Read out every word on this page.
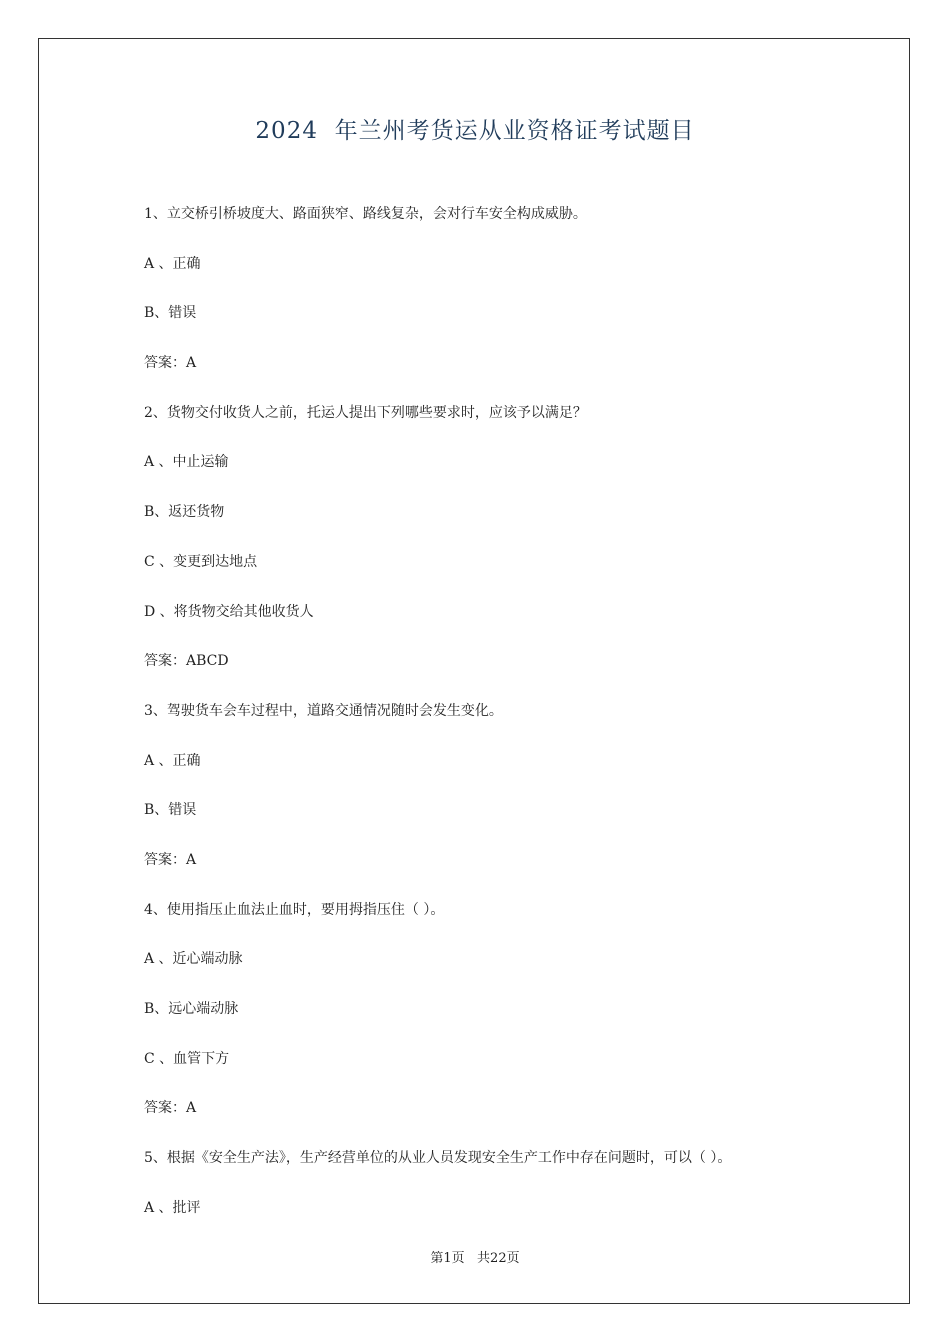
2024  年兰州考货运从业资格证考试题目
1、立交桥引桥坡度大、路面狭窄、路线复杂，会对行车安全构成威胁。
A 、正确
B、错误
答案：A
2、货物交付收货人之前，托运人提出下列哪些要求时，应该予以满足？
A 、中止运输
B、返还货物
C 、变更到达地点
D 、将货物交给其他收货人
答案：ABCD
3、驾驶货车会车过程中，道路交通情况随时会发生变化。
A 、正确
B、错误
答案：A
4、使用指压止血法止血时，要用拇指压住（ ）。
A 、近心端动脉
B、远心端动脉
C 、血管下方
答案：A
5、根据《安全生产法》，生产经营单位的从业人员发现安全生产工作中存在问题时，可以（ ）。
A 、批评
第1页   共22页
